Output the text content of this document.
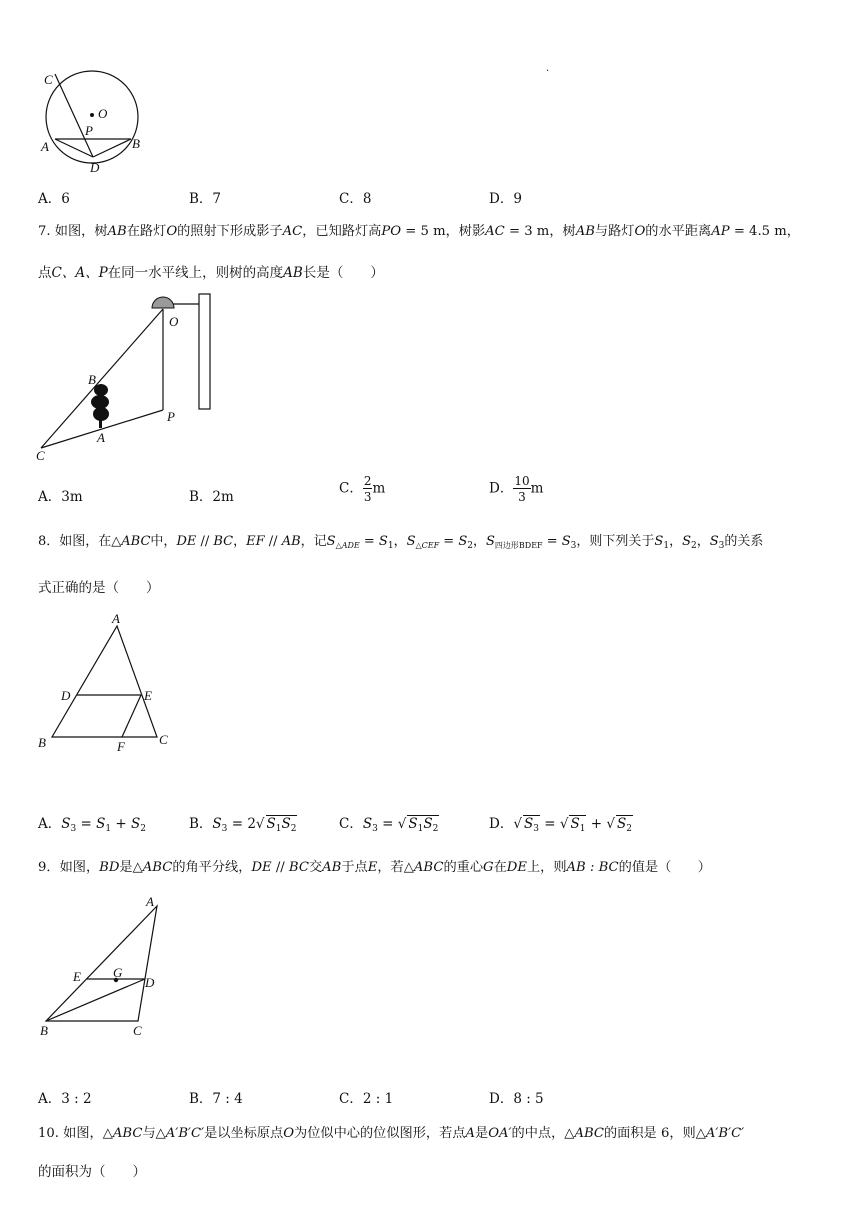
·
C
O
P
A	B
D
A．6	B．7	C．8	D．9
7. 如图，树AB在路灯O的照射下形成影子AC，已知路灯高PO = 5 m，树影AC = 3 m，树AB与路灯O的水平距离AP = 4.5 m，
点C、A、P在同一水平线上，则树的高度AB长是（　　）
O
B
P
A
C
A．3m	B．2m
C． $\frac{2}{3}$ m	D． $\frac{10}{3}$ m
8．如图，在△ABC中，DE // BC，EF // AB，记$S_{\triangle ADE} = S_1$，$S_{\triangle CEF} = S_2$，$S_{四边形BDEF} = S_3$，则下列关于$S_1$，$S_2$，$S_3$的关系
式正确的是（　　）
A
D	E
B	F	C
A．$S_3 = S_1 + S_2$	B．$S_3 = 2√$ $S_1S_2$	C．$S_3$ = √ $S_1S_2$	D．√ $S_3$ = √ $S_1$ + √ $S_2$
9．如图，BD是△ABC的角平分线，DE // BC交AB于点E，若△ABC的重心G在DE上，则AB : BC的值是（　　）
A
E G
D
B	C
A．3 : 2	B．7 : 4	C．2 : 1	D．8 : 5
10. 如图，△ABC与△A′B′C′是以坐标原点O为位似中心的位似图形，若点A是OA′的中点，△ABC的面积是 6，则△A′B′C′
的面积为（　　）
